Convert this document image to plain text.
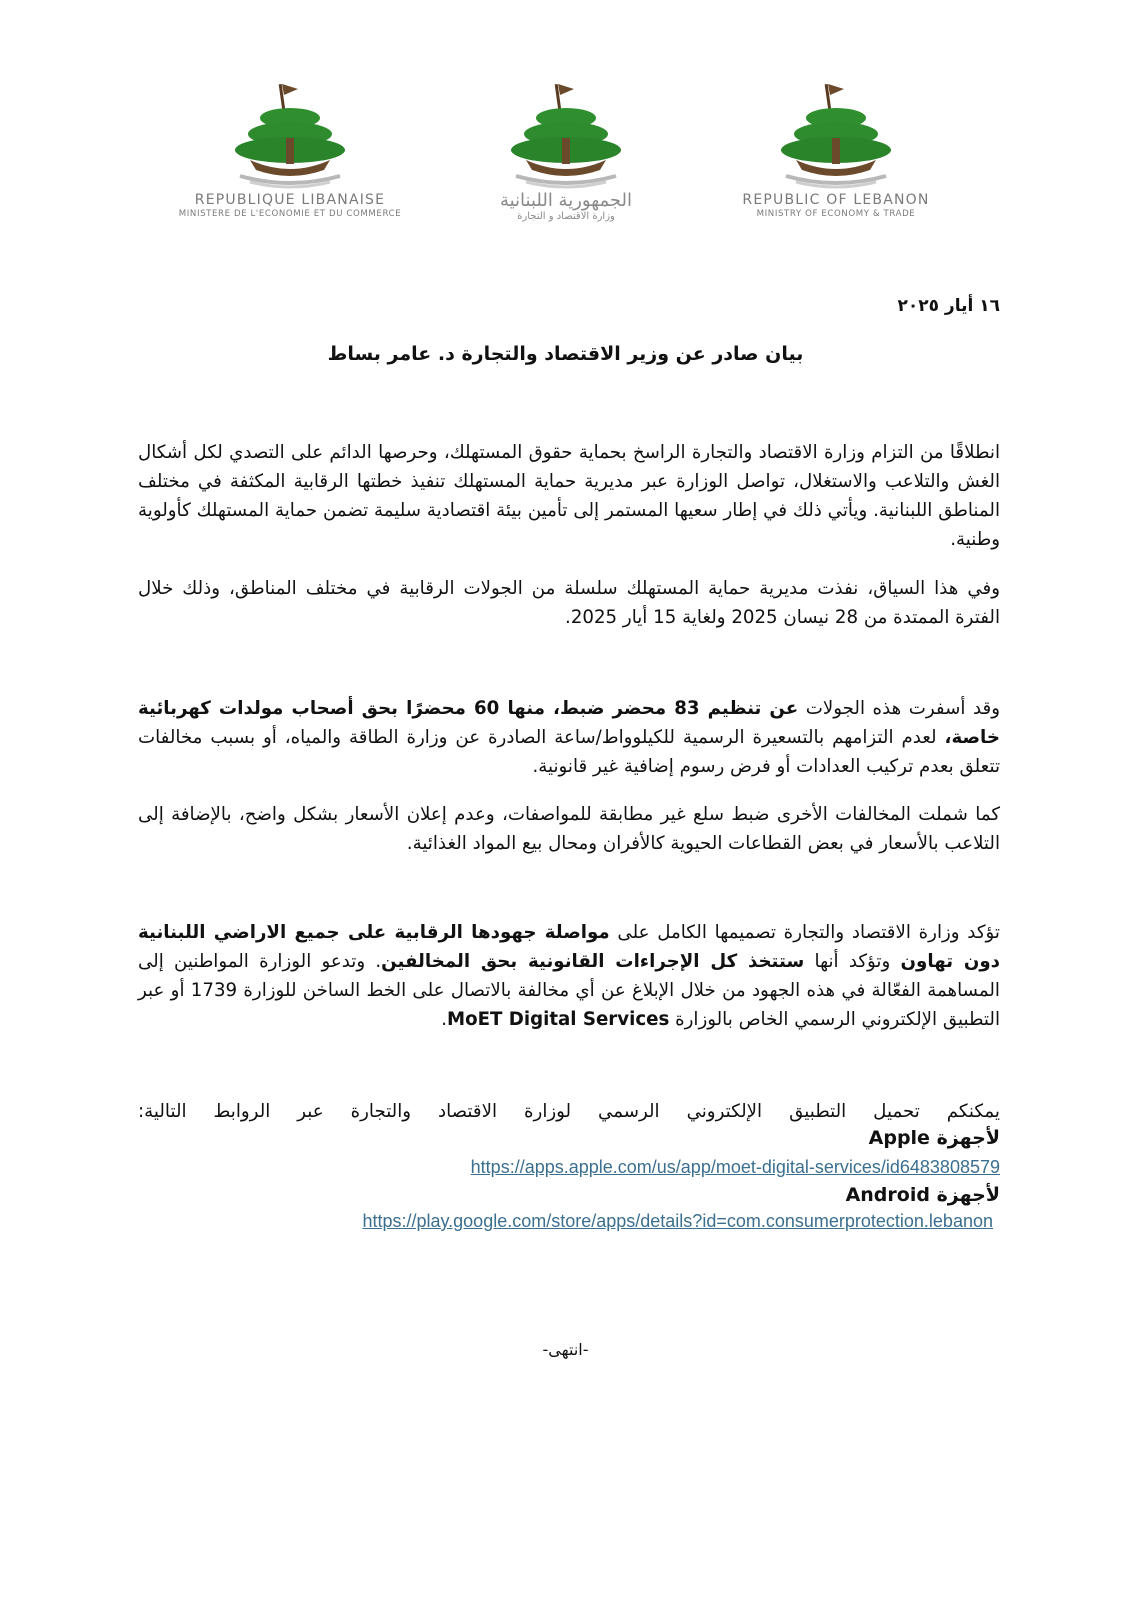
REPUBLIQUE LIBANAISE
MINISTERE DE L'ECONOMIE ET DU COMMERCE
الجمهورية اللبنانية
وزارة الاقتصاد و التجارة
REPUBLIC OF LEBANON
MINISTRY OF ECONOMY & TRADE
١٦ أيار ٢٠٢٥
بيان صادر عن وزير الاقتصاد والتجارة د. عامر بساط
انطلاقًا من التزام وزارة الاقتصاد والتجارة الراسخ بحماية حقوق المستهلك، وحرصها الدائم على التصدي لكل أشكال الغش والتلاعب والاستغلال، تواصل الوزارة عبر مديرية حماية المستهلك تنفيذ خطتها الرقابية المكثفة في مختلف المناطق اللبنانية. ويأتي ذلك في إطار سعيها المستمر إلى تأمين بيئة اقتصادية سليمة تضمن حماية المستهلك كأولوية وطنية.
وفي هذا السياق، نفذت مديرية حماية المستهلك سلسلة من الجولات الرقابية في مختلف المناطق، وذلك خلال الفترة الممتدة من 28 نيسان 2025 ولغاية 15 أيار 2025.
وقد أسفرت هذه الجولات عن تنظيم 83 محضر ضبط، منها 60 محضرًا بحق أصحاب مولدات كهربائية خاصة، لعدم التزامهم بالتسعيرة الرسمية للكيلوواط/ساعة الصادرة عن وزارة الطاقة والمياه، أو بسبب مخالفات تتعلق بعدم تركيب العدادات أو فرض رسوم إضافية غير قانونية.
كما شملت المخالفات الأخرى ضبط سلع غير مطابقة للمواصفات، وعدم إعلان الأسعار بشكل واضح، بالإضافة إلى التلاعب بالأسعار في بعض القطاعات الحيوية كالأفران ومحال بيع المواد الغذائية.
تؤكد وزارة الاقتصاد والتجارة تصميمها الكامل على مواصلة جهودها الرقابية على جميع الاراضي اللبنانية دون تهاون وتؤكد أنها ستتخذ كل الإجراءات القانونية بحق المخالفين. وتدعو الوزارة المواطنين إلى المساهمة الفعّالة في هذه الجهود من خلال الإبلاغ عن أي مخالفة بالاتصال على الخط الساخن للوزارة 1739 أو عبر التطبيق الإلكتروني الرسمي الخاص بالوزارة MoET Digital Services.
يمكنكم تحميل التطبيق الإلكتروني الرسمي لوزارة الاقتصاد والتجارة عبر الروابط التالية:
لأجهزة Apple
https://apps.apple.com/us/app/moet-digital-services/id6483808579
لأجهزة Android
https://play.google.com/store/apps/details?id=com.consumerprotection.lebanon
-انتهى-
